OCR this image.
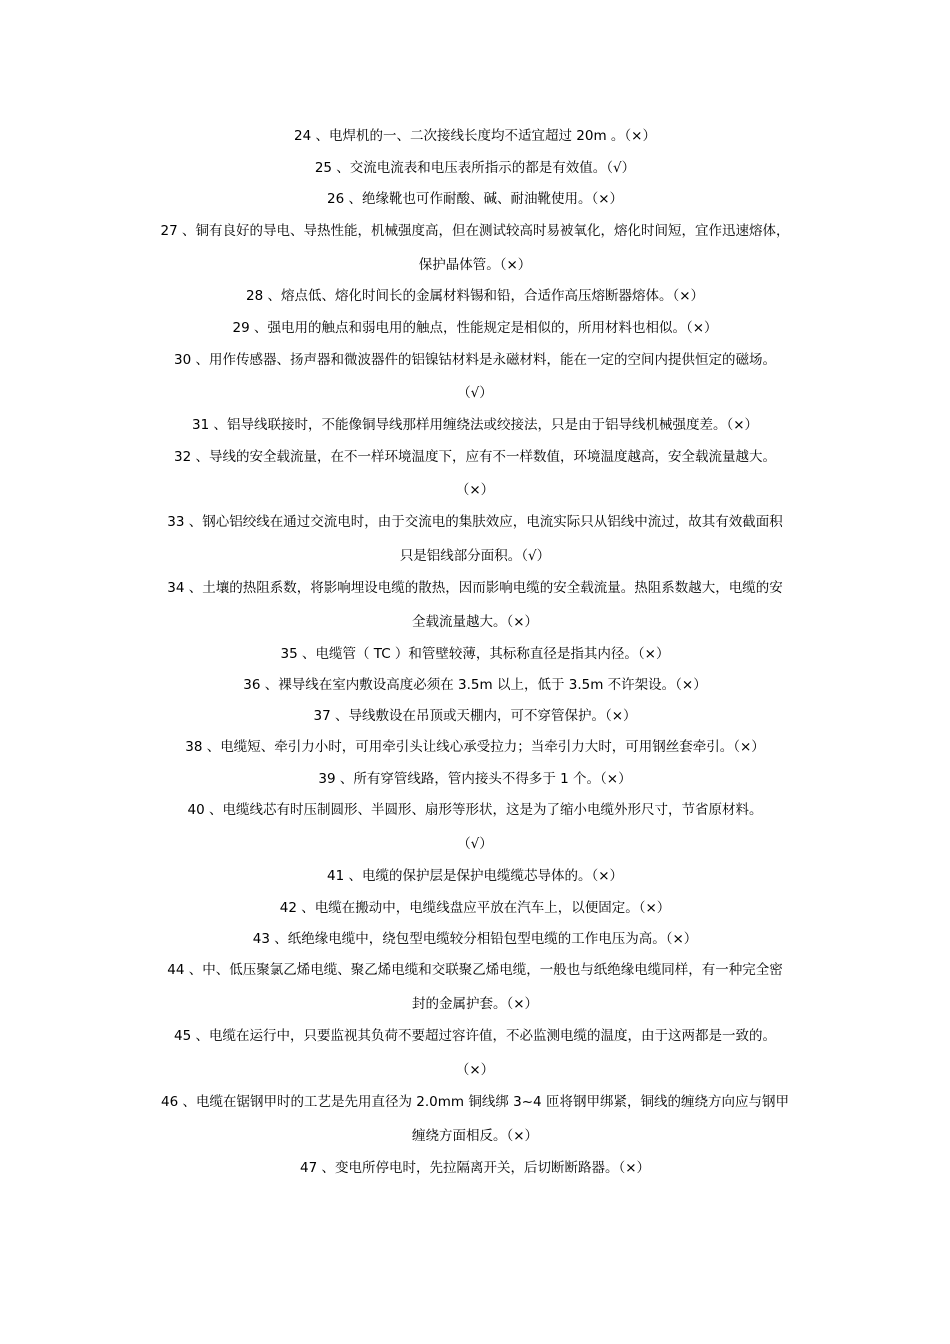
24 、电焊机的一、二次接线长度均不适宜超过 20m 。（×）
25 、交流电流表和电压表所指示的都是有效值。（√）
26 、绝缘靴也可作耐酸、碱、耐油靴使用。（×）
27 、铜有良好的导电、导热性能，机械强度高，但在测试较高时易被氧化，熔化时间短，宜作迅速熔体，
保护晶体管。（×）
28 、熔点低、熔化时间长的金属材料锡和铅，合适作高压熔断器熔体。（×）
29 、强电用的触点和弱电用的触点，性能规定是相似的，所用材料也相似。（×）
30 、用作传感器、扬声器和微波器件的铝镍钴材料是永磁材料，能在一定的空间内提供恒定的磁场。
（√）
31 、铝导线联接时，不能像铜导线那样用缠绕法或绞接法，只是由于铝导线机械强度差。（×）
32 、导线的安全载流量，在不一样环境温度下，应有不一样数值，环境温度越高，安全载流量越大。
（×）
33 、钢心铝绞线在通过交流电时，由于交流电的集肤效应，电流实际只从铝线中流过，故其有效截面积
只是铝线部分面积。（√）
34 、土壤的热阻系数，将影响埋设电缆的散热，因而影响电缆的安全载流量。热阻系数越大，电缆的安
全载流量越大。（×）
35 、电缆管（ TC ）和管壁较薄，其标称直径是指其内径。（×）
36 、裸导线在室内敷设高度必须在 3.5m 以上，低于 3.5m 不许架设。（×）
37 、导线敷设在吊顶或天棚内，可不穿管保护。（×）
38 、电缆短、牵引力小时，可用牵引头让线心承受拉力；当牵引力大时，可用钢丝套牵引。（×）
39 、所有穿管线路，管内接头不得多于 1 个。（×）
40 、电缆线芯有时压制圆形、半圆形、扇形等形状，这是为了缩小电缆外形尺寸，节省原材料。
（√）
41 、电缆的保护层是保护电缆缆芯导体的。（×）
42 、电缆在搬动中，电缆线盘应平放在汽车上，以便固定。（×）
43 、纸绝缘电缆中，绕包型电缆较分相铅包型电缆的工作电压为高。（×）
44 、中、低压聚氯乙烯电缆、聚乙烯电缆和交联聚乙烯电缆，一般也与纸绝缘电缆同样，有一种完全密
封的金属护套。（×）
45 、电缆在运行中，只要监视其负荷不要超过容许值，不必监测电缆的温度，由于这两都是一致的。
（×）
46 、电缆在锯钢甲时的工艺是先用直径为 2.0mm 铜线绑 3~4 匝将钢甲绑紧，铜线的缠绕方向应与钢甲
缠绕方面相反。（×）
47 、变电所停电时，先拉隔离开关，后切断断路器。（×）
